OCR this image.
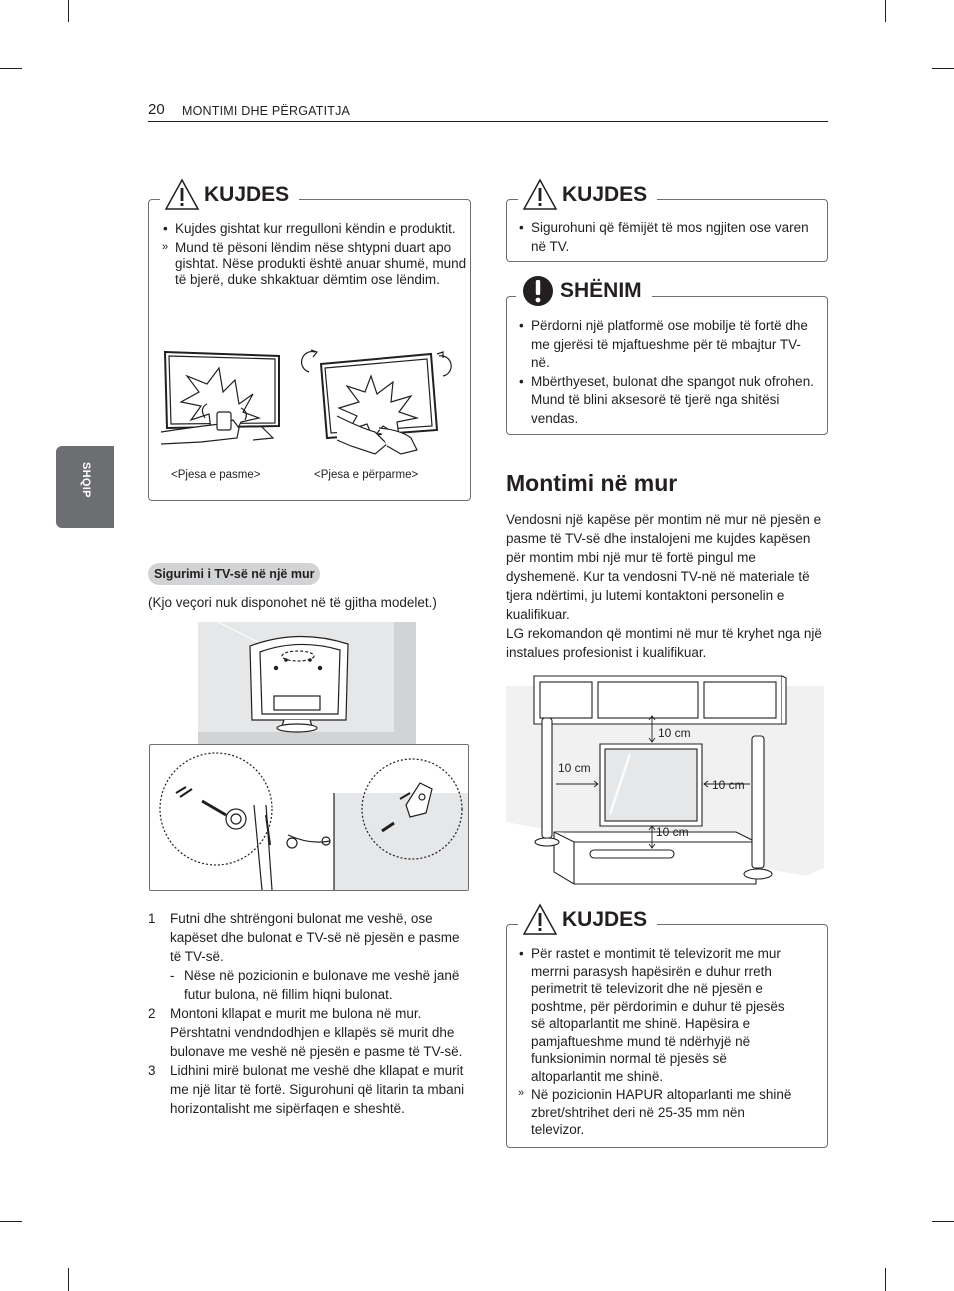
20 MONTIMI DHE PËRGATITJA
SHQIP
• Kujdes gishtat kur rregulloni këndin e produktit.
» Mund të pësoni lëndim nëse shtypni duart apo gishtat. Nëse produkti është anuar shumë, mund të bjerë, duke shkaktuar dëmtim ose lëndim.
<Pjesa e pasme>	<Pjesa e përparme>
KUJDES
Sigurimi i TV-së në një mur
(Kjo veçori nuk disponohet në të gjitha modelet.)
1 Futni dhe shtrëngoni bulonat me veshë, ose kapëset dhe bulonat e TV-së në pjesën e pasme të TV-së.
- Nëse në pozicionin e bulonave me veshë janë futur bulona, në fillim hiqni bulonat.
2 Montoni kllapat e murit me bulona në mur. Përshtatni vendndodhjen e kllapës së murit dhe bulonave me veshë në pjesën e pasme të TV-së.
3 Lidhini mirë bulonat me veshë dhe kllapat e murit me një litar të fortë. Sigurohuni që litarin ta mbani horizontalisht me sipërfaqen e sheshtë.
• Sigurohuni që fëmijët të mos ngjiten ose varen në TV.
KUJDES
• Përdorni një platformë ose mobilje të fortë dhe me gjerësi të mjaftueshme për të mbajtur TV-në.
• Mbërthyeset, bulonat dhe spangot nuk ofrohen. Mund të blini aksesorë të tjerë nga shitësi vendas.
SHËNIM
Montimi në mur
Vendosni një kapëse për montim në mur në pjesën e pasme të TV-së dhe instalojeni me kujdes kapësen për montim mbi një mur të fortë pingul me dyshemenë. Kur ta vendosni TV-në në materiale të tjera ndërtimi, ju lutemi kontaktoni personelin e kualifikuar.
LG rekomandon që montimi në mur të kryhet nga një instalues profesionist i kualifikuar.
10 cm
10 cm
10 cm
10 cm
• Për rastet e montimit të televizorit me mur merrni parasysh hapësirën e duhur rreth perimetrit të televizorit dhe në pjesën e poshtme, për përdorimin e duhur të pjesës së altoparlantit me shinë. Hapësira e pamjaftueshme mund të ndërhyjë në funksionimin normal të pjesës së altoparlantit me shinë.
» Në pozicionin HAPUR altoparlanti me shinë zbret/shtrihet deri në 25-35 mm nën televizor.
KUJDES
